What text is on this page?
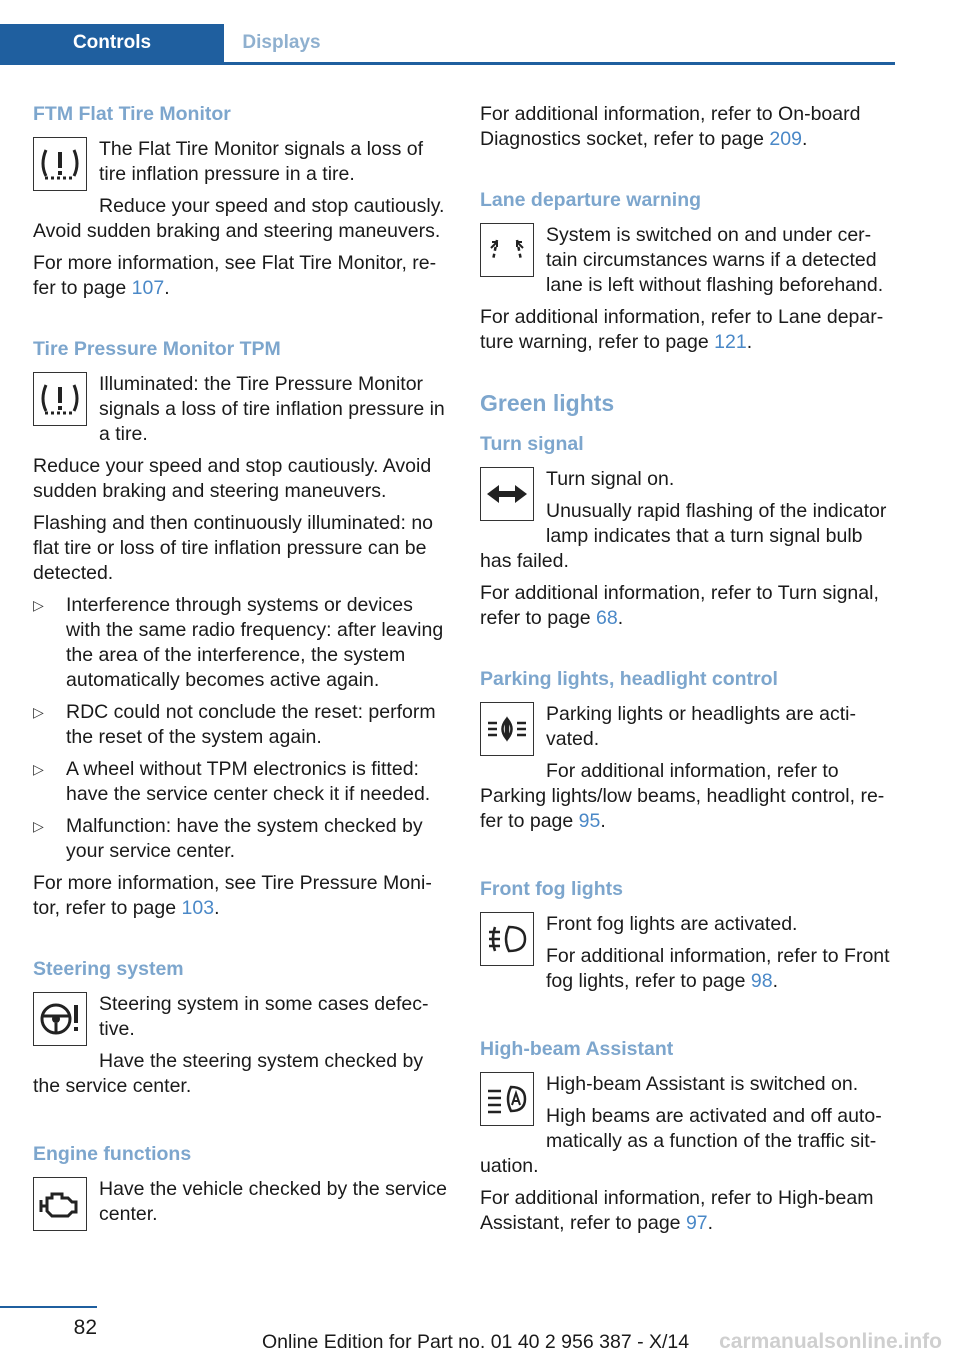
Controls	Displays
FTM Flat Tire Monitor

The Flat Tire Monitor signals a loss of tire inflation pressure in a tire.

Reduce your speed and stop cautiously. Avoid sudden braking and steering maneuvers.

For more information, see Flat Tire Monitor, refer to page 107.

Tire Pressure Monitor TPM

Illuminated: the Tire Pressure Monitor signals a loss of tire inflation pressure in a tire.

Reduce your speed and stop cautiously. Avoid sudden braking and steering maneuvers.

Flashing and then continuously illuminated: no flat tire or loss of tire inflation pressure can be detected.

▷ Interference through systems or devices with the same radio frequency: after leaving the area of the interference, the system automatically becomes active again.
▷ RDC could not conclude the reset: perform the reset of the system again.
▷ A wheel without TPM electronics is fitted: have the service center check it if needed.
▷ Malfunction: have the system checked by your service center.

For more information, see Tire Pressure Monitor, refer to page 103.

Steering system

Steering system in some cases defective.

Have the steering system checked by the service center.

Engine functions

Have the vehicle checked by the service center.

For additional information, refer to On-board Diagnostics socket, refer to page 209.

Lane departure warning

System is switched on and under certain circumstances warns if a detected lane is left without flashing beforehand.

For additional information, refer to Lane departure warning, refer to page 121.

Green lights
Turn signal

Turn signal on.

Unusually rapid flashing of the indicator lamp indicates that a turn signal bulb has failed.

For additional information, refer to Turn signal, refer to page 68.

Parking lights, headlight control

Parking lights or headlights are activated.

For additional information, refer to Parking lights/low beams, headlight control, refer to page 95.

Front fog lights

Front fog lights are activated.

For additional information, refer to Front fog lights, refer to page 98.

High-beam Assistant

High-beam Assistant is switched on.

High beams are activated and off automatically as a function of the traffic situation.

For additional information, refer to High-beam Assistant, refer to page 97.

82
Online Edition for Part no. 01 40 2 956 387 - X/14 carmanualsonline.info
